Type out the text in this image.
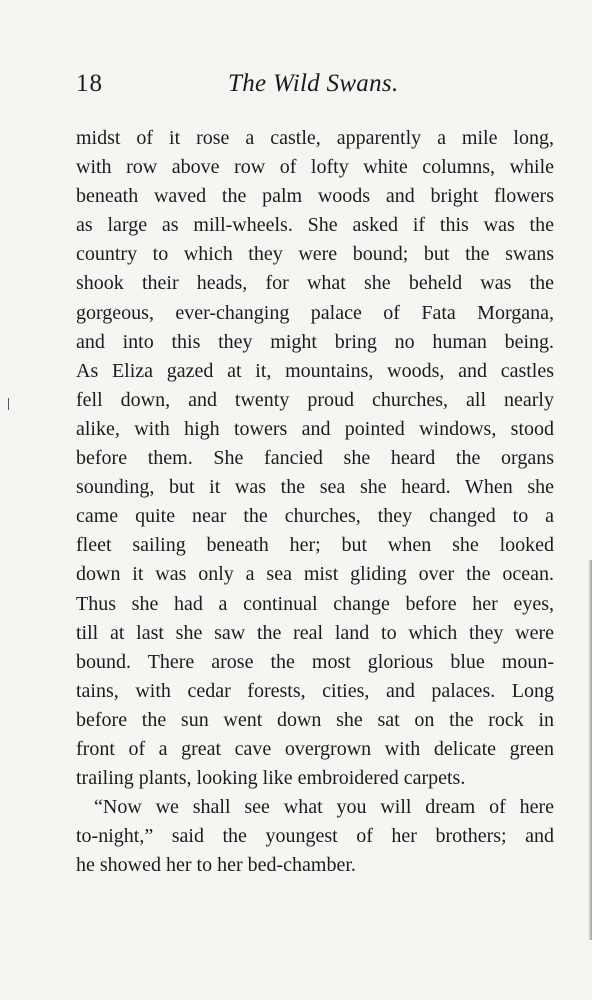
18	The Wild Swans.
midst of it rose a castle, apparently a mile long,
with row above row of lofty white columns, while
beneath waved the palm woods and bright flowers
as large as mill-wheels. She asked if this was the
country to which they were bound; but the swans
shook their heads, for what she beheld was the
gorgeous, ever-changing palace of Fata Morgana,
and into this they might bring no human being.
As Eliza gazed at it, mountains, woods, and castles
fell down, and twenty proud churches, all nearly
alike, with high towers and pointed windows, stood
before them. She fancied she heard the organs
sounding, but it was the sea she heard. When she
came quite near the churches, they changed to a
fleet sailing beneath her; but when she looked
down it was only a sea mist gliding over the ocean.
Thus she had a continual change before her eyes,
till at last she saw the real land to which they were
bound. There arose the most glorious blue moun-
tains, with cedar forests, cities, and palaces. Long
before the sun went down she sat on the rock in
front of a great cave overgrown with delicate green
trailing plants, looking like embroidered carpets.
“Now we shall see what you will dream of here
to-night,” said the youngest of her brothers; and
he showed her to her bed-chamber.
